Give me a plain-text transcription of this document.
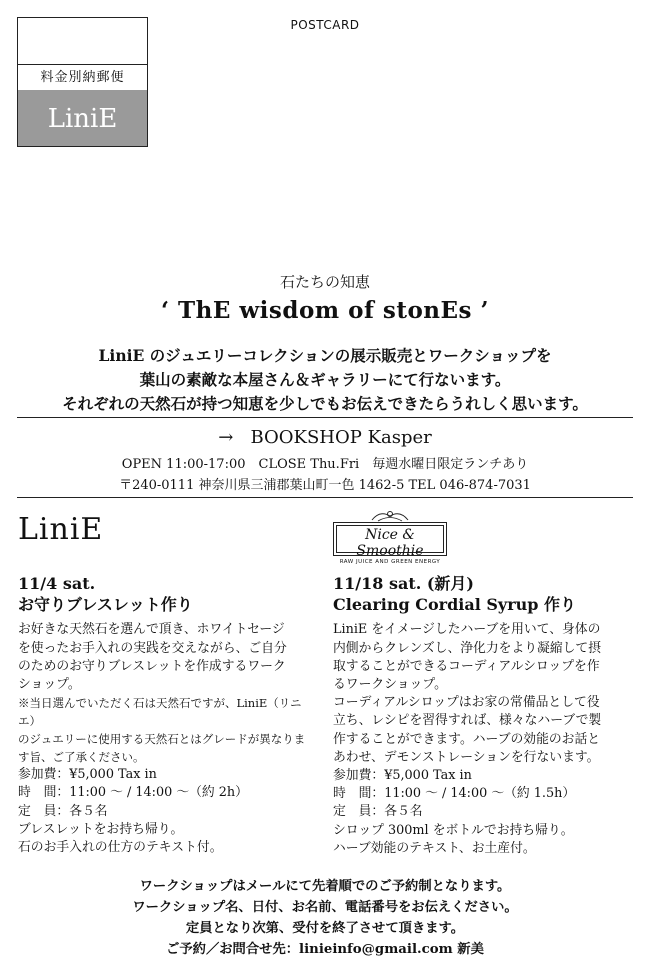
料金別納郵便
LiniE
POSTCARD
石たちの知恵
‘ ThE wisdom of stonEs ’
LiniE のジュエリーコレクションの展示販売とワークショップを
葉山の素敵な本屋さん＆ギャラリーにて行ないます。
それぞれの天然石が持つ知恵を少しでもお伝えできたらうれしく思います。
→ BOOKSHOP Kasper
OPEN 11:00-17:00　CLOSE Thu.Fri　毎週水曜日限定ランチあり
〒240-0111 神奈川県三浦郡葉山町一色 1462-5 TEL 046-874-7031
LiniE
11/4 sat.
お守りブレスレット作り
お好きな天然石を選んで頂き、ホワイトセージ
を使ったお手入れの実践を交えながら、ご自分
のためのお守りブレスレットを作成するワーク
ショップ。
※当日選んでいただく石は天然石ですが、LiniE（リニエ）
のジュエリーに使用する天然石とはグレードが異なりま
す旨、ご了承ください。
参加費：¥5,000 Tax in
時　間：11:00 ～ / 14:00 ～（約 2h）
定　員：各５名
ブレスレットをお持ち帰り。
石のお手入れの仕方のテキスト付。
Nice & Smoothie
RAW JUICE AND GREEN ENERGY
11/18 sat. (新月)
Clearing Cordial Syrup 作り
LiniE をイメージしたハーブを用いて、身体の
内側からクレンズし、浄化力をより凝縮して摂
取することができるコーディアルシロップを作
るワークショップ。
コーディアルシロップはお家の常備品として役
立ち、レシピを習得すれば、様々なハーブで製
作することができます。ハーブの効能のお話と
あわせ、デモンストレーションを行ないます。
参加費：¥5,000 Tax in
時　間：11:00 ～ / 14:00 ～（約 1.5h）
定　員：各５名
シロップ 300ml をボトルでお持ち帰り。
ハーブ効能のテキスト、お土産付。
ワークショップはメールにて先着順でのご予約制となります。
ワークショップ名、日付、お名前、電話番号をお伝えください。
定員となり次第、受付を終了させて頂きます。
ご予約／お問合せ先：linieinfo@gmail.com 新美
